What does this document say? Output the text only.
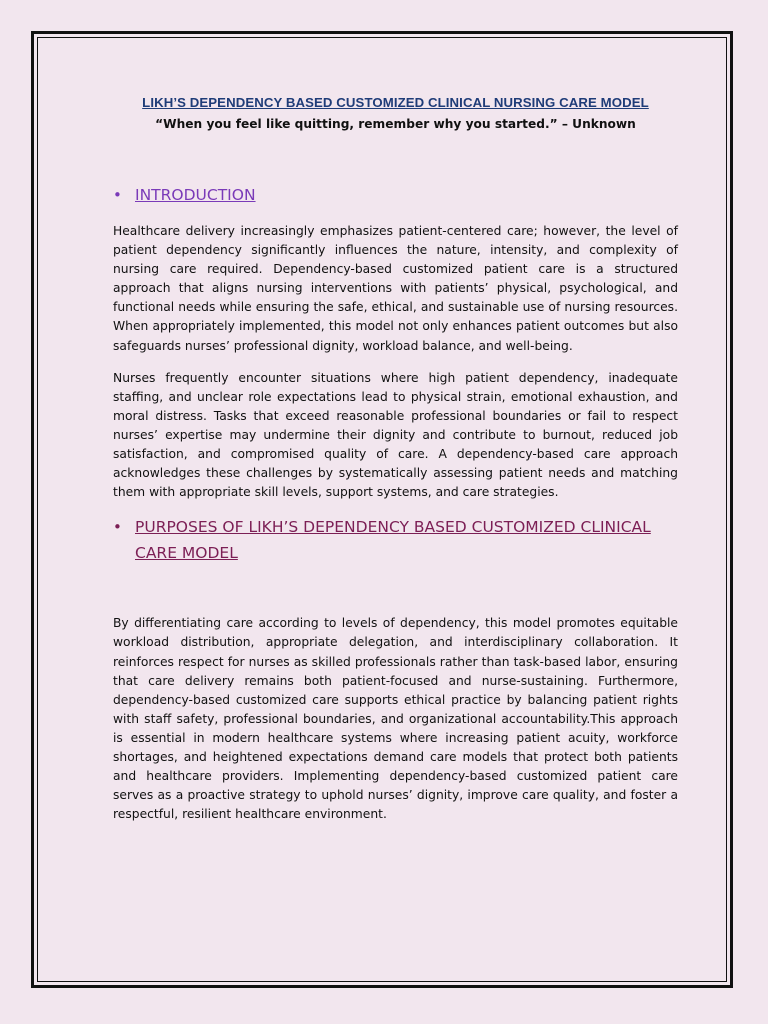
LIKH’S DEPENDENCY BASED CUSTOMIZED CLINICAL NURSING CARE MODEL

“When you feel like quitting, remember why you started.” – Unknown

• INTRODUCTION

Healthcare delivery increasingly emphasizes patient-centered care; however, the level of patient dependency significantly influences the nature, intensity, and complexity of nursing care required. Dependency-based customized patient care is a structured approach that aligns nursing interventions with patients’ physical, psychological, and functional needs while ensuring the safe, ethical, and sustainable use of nursing resources. When appropriately implemented, this model not only enhances patient outcomes but also safeguards nurses’ professional dignity, workload balance, and well-being.

Nurses frequently encounter situations where high patient dependency, inadequate staffing, and unclear role expectations lead to physical strain, emotional exhaustion, and moral distress. Tasks that exceed reasonable professional boundaries or fail to respect nurses’ expertise may undermine their dignity and contribute to burnout, reduced job satisfaction, and compromised quality of care. A dependency-based care approach acknowledges these challenges by systematically assessing patient needs and matching them with appropriate skill levels, support systems, and care strategies.

• PURPOSES OF LIKH’S DEPENDENCY BASED CUSTOMIZED CLINICAL CARE MODEL

By differentiating care according to levels of dependency, this model promotes equitable workload distribution, appropriate delegation, and interdisciplinary collaboration. It reinforces respect for nurses as skilled professionals rather than task-based labor, ensuring that care delivery remains both patient-focused and nurse-sustaining. Furthermore, dependency-based customized care supports ethical practice by balancing patient rights with staff safety, professional boundaries, and organizational accountability.This approach is essential in modern healthcare systems where increasing patient acuity, workforce shortages, and heightened expectations demand care models that protect both patients and healthcare providers. Implementing dependency-based customized patient care serves as a proactive strategy to uphold nurses’ dignity, improve care quality, and foster a respectful, resilient healthcare environment.
